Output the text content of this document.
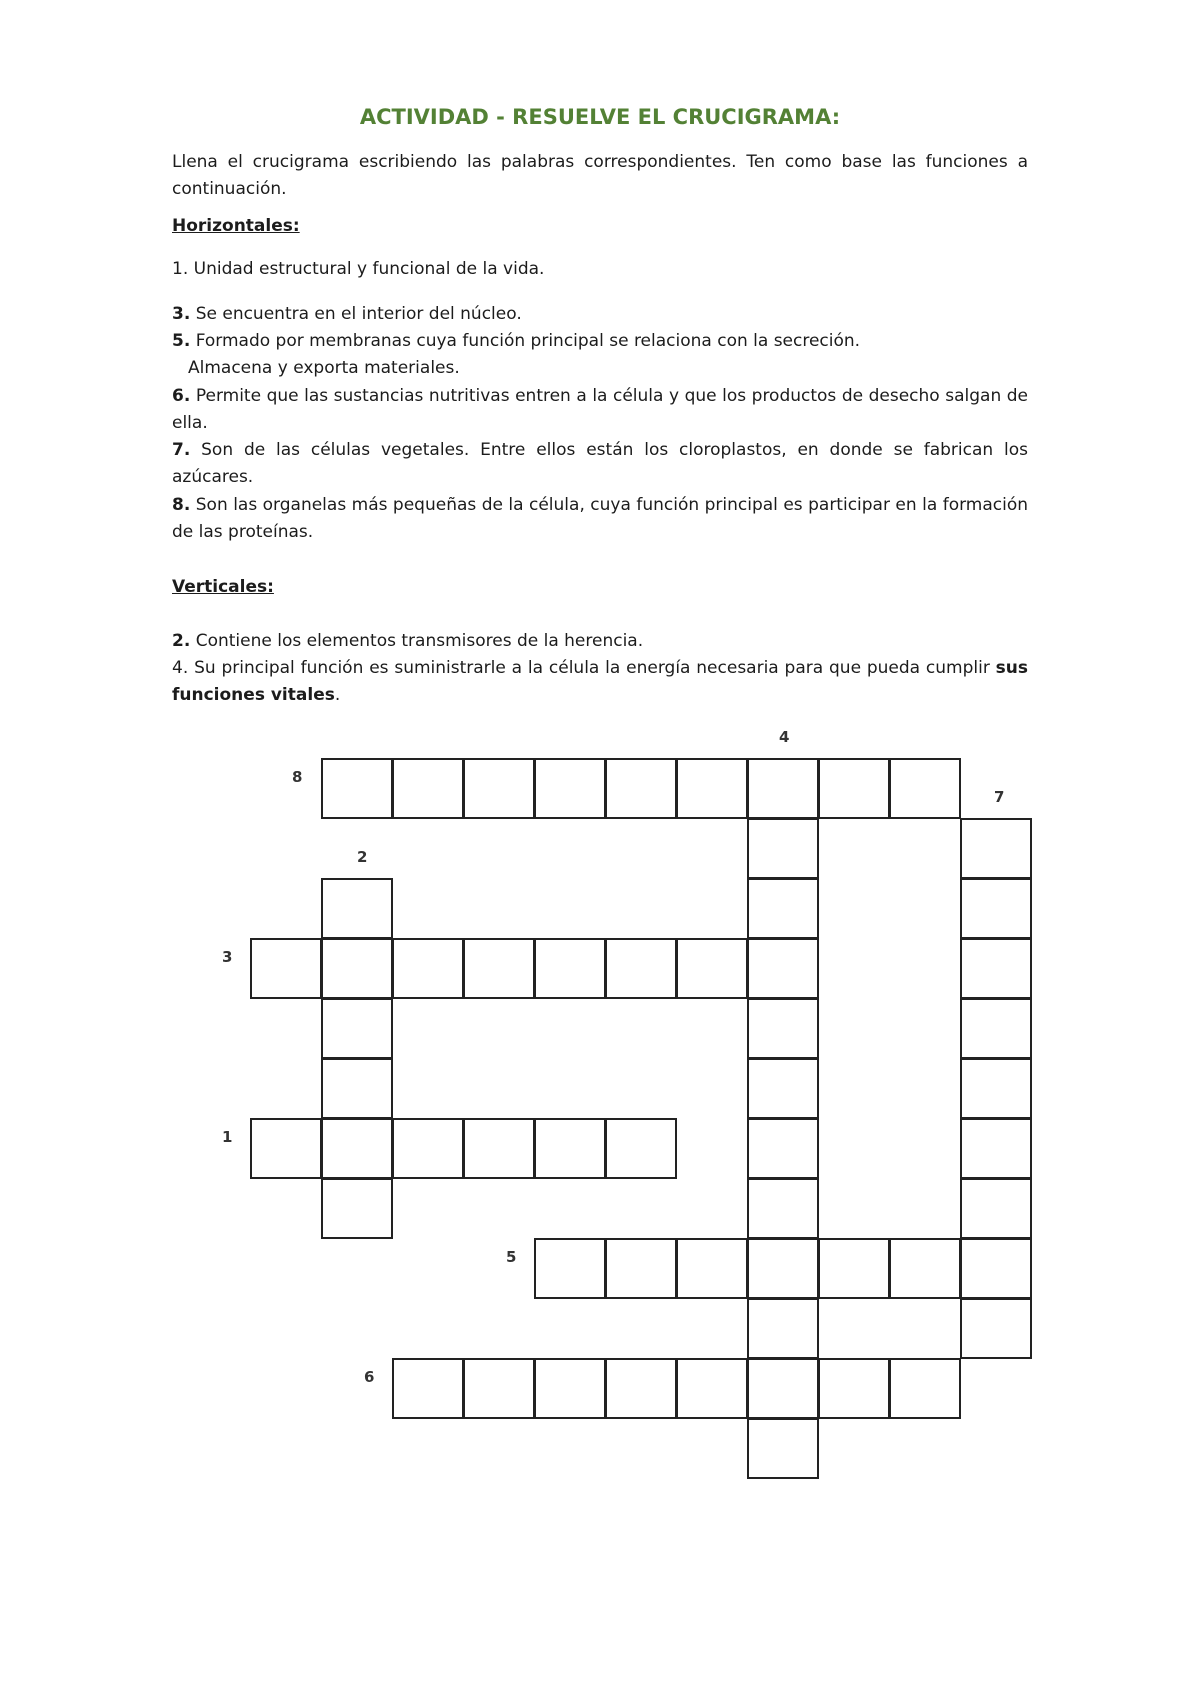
ACTIVIDAD - RESUELVE EL CRUCIGRAMA:
Llena el crucigrama escribiendo las palabras correspondientes. Ten como base las funciones a continuación.
Horizontales:
1. Unidad estructural y funcional de la vida.
3. Se encuentra en el interior del núcleo.
5. Formado por membranas cuya función principal se relaciona con la secreción.
Almacena y exporta materiales.
6. Permite que las sustancias nutritivas entren a la célula y que los productos de desecho salgan de ella.
7. Son de las células vegetales. Entre ellos están los cloroplastos, en donde se fabrican los azúcares.
8. Son las organelas más pequeñas de la célula, cuya función principal es participar en la formación de las proteínas.
Verticales:
2. Contiene los elementos transmisores de la herencia.
4. Su principal función es suministrarle a la célula la energía necesaria para que pueda cumplir sus funciones vitales.
8
4
7
2
3
1
5
6
